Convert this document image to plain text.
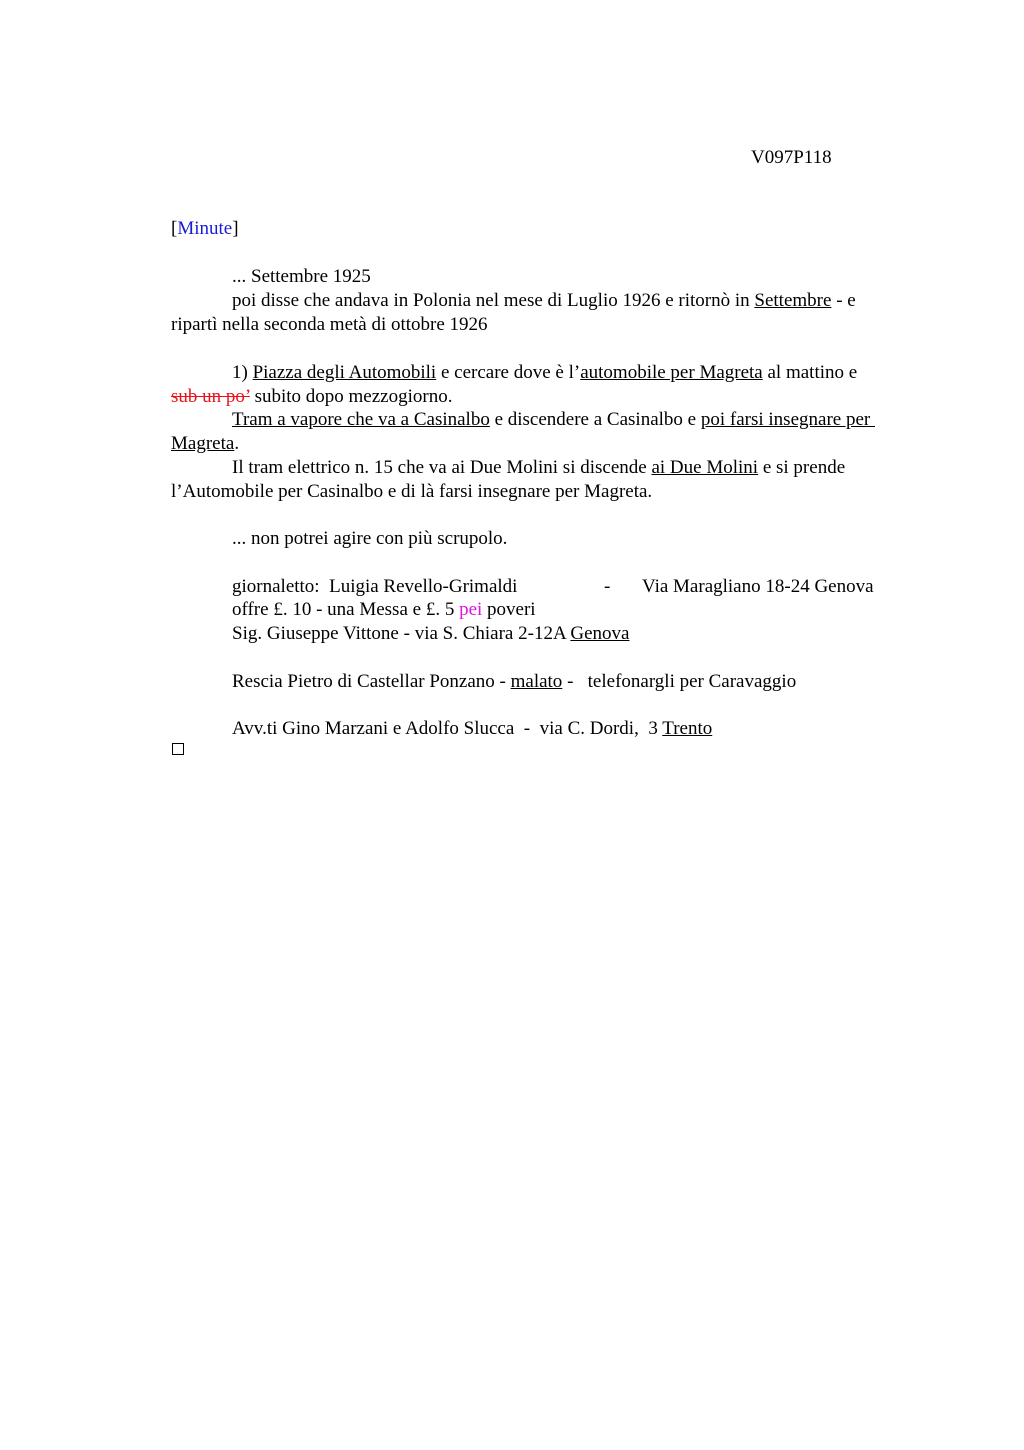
V097P118
[Minute]
... Settembre 1925
poi disse che andava in Polonia nel mese di Luglio 1926 e ritornò in Settembre - e
ripartì nella seconda metà di ottobre 1926
1) Piazza degli Automobili e cercare dove è l’automobile per Magreta al mattino e
sub un po’ subito dopo mezzogiorno.
Tram a vapore che va a Casinalbo e discendere a Casinalbo e poi farsi insegnare per
Magreta.
Il tram elettrico n. 15 che va ai Due Molini si discende ai Due Molini e si prende
l’Automobile per Casinalbo e di là farsi insegnare per Magreta.
... non potrei agire con più scrupolo.
giornaletto:  Luigia Revello-Grimaldi	- Via Maragliano 18-24 Genova
offre £. 10 - una Messa e £. 5 pei poveri
Sig. Giuseppe Vittone - via S. Chiara 2-12A Genova
Rescia Pietro di Castellar Ponzano - malato -   telefonargli per Caravaggio
Avv.ti Gino Marzani e Adolfo Slucca  -  via C. Dordi,  3 Trento
